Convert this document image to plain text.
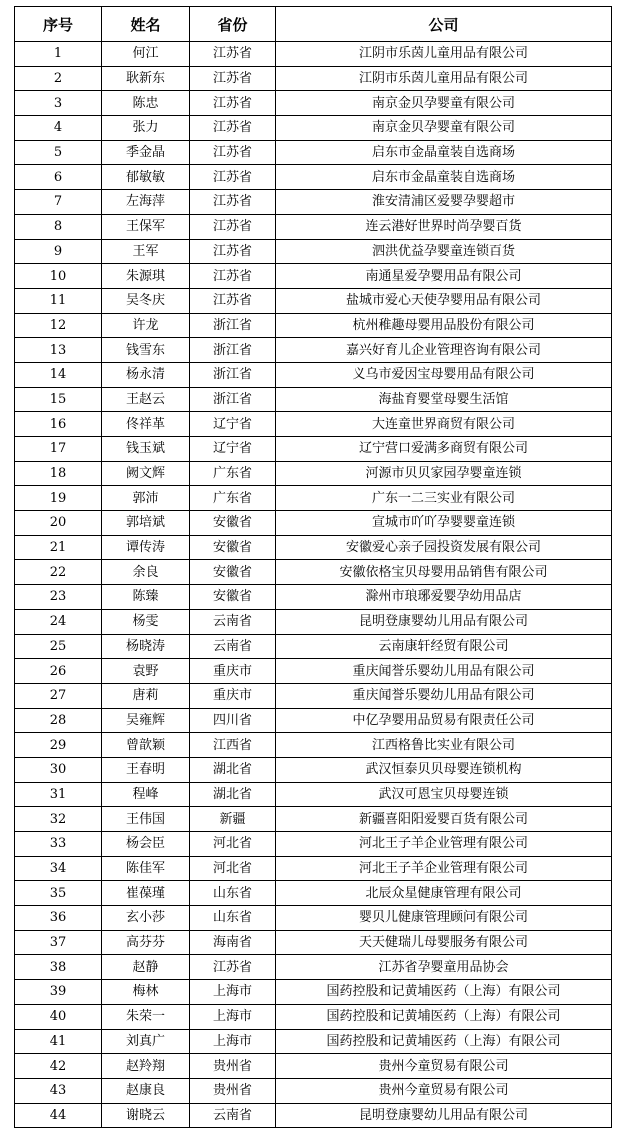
序号	姓名	省份	公司
1	何江	江苏省	江阴市乐茵儿童用品有限公司
2	耿新东	江苏省	江阴市乐茵儿童用品有限公司
3	陈忠	江苏省	南京金贝孕婴童有限公司
4	张力	江苏省	南京金贝孕婴童有限公司
5	季金晶	江苏省	启东市金晶童装自选商场
6	郁敏敏	江苏省	启东市金晶童装自选商场
7	左海萍	江苏省	淮安清浦区爱婴孕婴超市
8	王保军	江苏省	连云港好世界时尚孕婴百货
9	王军	江苏省	泗洪优益孕婴童连锁百货
10	朱源琪	江苏省	南通星爱孕婴用品有限公司
11	吴冬庆	江苏省	盐城市爱心天使孕婴用品有限公司
12	许龙	浙江省	杭州稚趣母婴用品股份有限公司
13	钱雪东	浙江省	嘉兴好育儿企业管理咨询有限公司
14	杨永清	浙江省	义乌市爱因宝母婴用品有限公司
15	王赵云	浙江省	海盐育婴堂母婴生活馆
16	佟祥革	辽宁省	大连童世界商贸有限公司
17	钱玉斌	辽宁省	辽宁营口爱满多商贸有限公司
18	阙文辉	广东省	河源市贝贝家园孕婴童连锁
19	郭沛	广东省	广东一二三实业有限公司
20	郭培斌	安徽省	宣城市吖吖孕婴婴童连锁
21	谭传涛	安徽省	安徽爱心亲子园投资发展有限公司
22	余良	安徽省	安徽依格宝贝母婴用品销售有限公司
23	陈臻	安徽省	滁州市琅琊爱婴孕幼用品店
24	杨雯	云南省	昆明登康婴幼儿用品有限公司
25	杨晓涛	云南省	云南康轩经贸有限公司
26	袁野	重庆市	重庆闻誉乐婴幼儿用品有限公司
27	唐莉	重庆市	重庆闻誉乐婴幼儿用品有限公司
28	吴雍辉	四川省	中亿孕婴用品贸易有限责任公司
29	曾歆颖	江西省	江西格鲁比实业有限公司
30	王春明	湖北省	武汉恒泰贝贝母婴连锁机构
31	程峰	湖北省	武汉可恩宝贝母婴连锁
32	王伟国	新疆	新疆喜阳阳爱婴百货有限公司
33	杨会臣	河北省	河北王子羊企业管理有限公司
34	陈佳军	河北省	河北王子羊企业管理有限公司
35	崔葆瑾	山东省	北辰众星健康管理有限公司
36	玄小莎	山东省	婴贝儿健康管理顾问有限公司
37	高芬芬	海南省	天天健瑞儿母婴服务有限公司
38	赵静	江苏省	江苏省孕婴童用品协会
39	梅林	上海市	国药控股和记黄埔医药（上海）有限公司
40	朱荣一	上海市	国药控股和记黄埔医药（上海）有限公司
41	刘真广	上海市	国药控股和记黄埔医药（上海）有限公司
42	赵羚翔	贵州省	贵州今童贸易有限公司
43	赵康良	贵州省	贵州今童贸易有限公司
44	谢晓云	云南省	昆明登康婴幼儿用品有限公司
